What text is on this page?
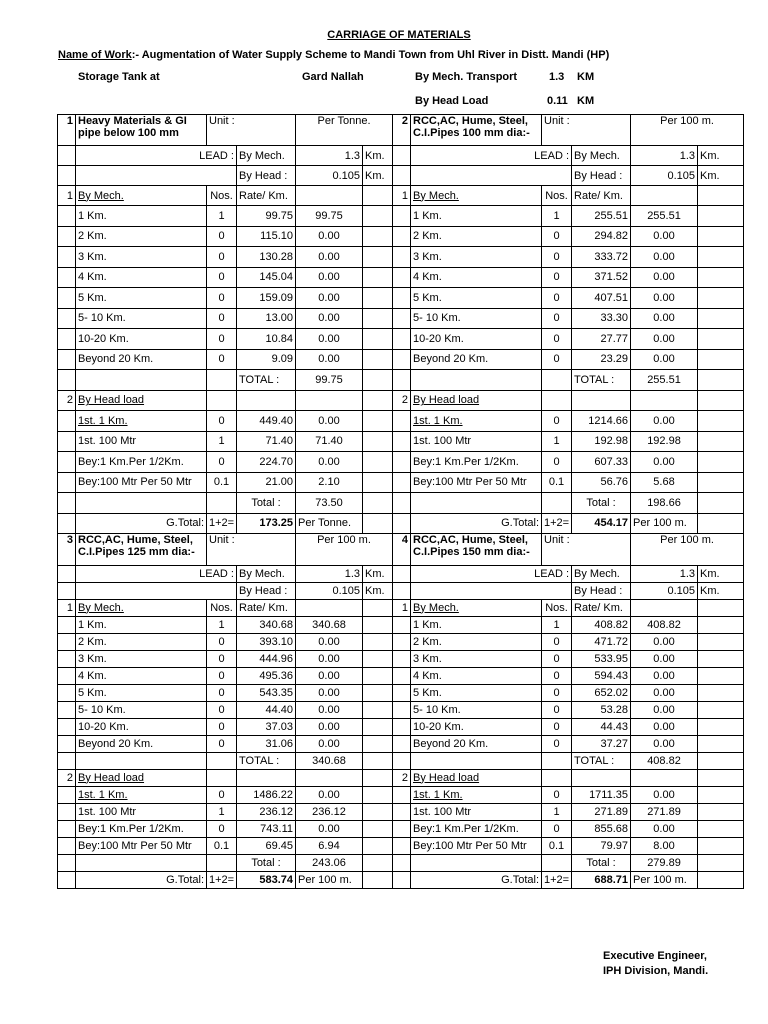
CARRIAGE OF MATERIALS
Name of Work:- Augmentation of Water Supply Scheme to Mandi Town from Uhl River in Distt. Mandi (HP)
Storage Tank at	Gard Nallah	By Mech. Transport	1.3 KM
By Head Load	0.11 KM
1	Heavy Materials & GI pipe below 100 mm	Unit :		Per Tonne.		2	RCC,AC, Hume, Steel, C.I.Pipes 100 mm dia:-	Unit :		Per 100 m.	
	LEAD :		By Mech.	1.3	Km.		LEAD :		By Mech.	1.3	Km.
			By Head :	0.105	Km.				By Head :	0.105	Km.
1	By Mech.	Nos.	Rate/ Km.			1	By Mech.	Nos.	Rate/ Km.		
	1 Km.	1	99.75	99.75			1 Km.	1	255.51	255.51	
	2 Km.	0	115.10	0.00			2 Km.	0	294.82	0.00	
	3 Km.	0	130.28	0.00			3 Km.	0	333.72	0.00	
	4 Km.	0	145.04	0.00			4 Km.	0	371.52	0.00	
	5 Km.	0	159.09	0.00			5 Km.	0	407.51	0.00	
	5- 10 Km.	0	13.00	0.00			5- 10 Km.	0	33.30	0.00	
	10-20 Km.	0	10.84	0.00			10-20 Km.	0	27.77	0.00	
	Beyond 20 Km.	0	9.09	0.00			Beyond 20 Km.	0	23.29	0.00	
			TOTAL :	99.75					TOTAL :	255.51	
2	By Head load					2	By Head load				
	1st. 1 Km.	0	449.40	0.00			1st. 1 Km.	0	1214.66	0.00	
	1st. 100 Mtr	1	71.40	71.40			1st. 100 Mtr	1	192.98	192.98	
	Bey:1 Km.Per 1/2Km.	0	224.70	0.00			Bey:1 Km.Per 1/2Km.	0	607.33	0.00	
	Bey:100 Mtr Per 50 Mtr	0.1	21.00	2.10			Bey:100 Mtr Per 50 Mtr	0.1	56.76	5.68	
			Total :	73.50					Total :	198.66	
	G.Total:	1+2=	173.25	Per Tonne.			G.Total:	1+2=	454.17	Per 100 m.	
3	RCC,AC, Hume, Steel, C.I.Pipes 125 mm dia:-	Unit :		Per 100 m.		4	RCC,AC, Hume, Steel, C.I.Pipes 150 mm dia:-	Unit :		Per 100 m.	
	LEAD :		By Mech.	1.3	Km.		LEAD :		By Mech.	1.3	Km.
			By Head :	0.105	Km.				By Head :	0.105	Km.
1	By Mech.	Nos.	Rate/ Km.			1	By Mech.	Nos.	Rate/ Km.		
	1 Km.	1	340.68	340.68			1 Km.	1	408.82	408.82	
	2 Km.	0	393.10	0.00			2 Km.	0	471.72	0.00	
	3 Km.	0	444.96	0.00			3 Km.	0	533.95	0.00	
	4 Km.	0	495.36	0.00			4 Km.	0	594.43	0.00	
	5 Km.	0	543.35	0.00			5 Km.	0	652.02	0.00	
	5- 10 Km.	0	44.40	0.00			5- 10 Km.	0	53.28	0.00	
	10-20 Km.	0	37.03	0.00			10-20 Km.	0	44.43	0.00	
	Beyond 20 Km.	0	31.06	0.00			Beyond 20 Km.	0	37.27	0.00	
			TOTAL :	340.68					TOTAL :	408.82	
2	By Head load					2	By Head load				
	1st. 1 Km.	0	1486.22	0.00			1st. 1 Km.	0	1711.35	0.00	
	1st. 100 Mtr	1	236.12	236.12			1st. 100 Mtr	1	271.89	271.89	
	Bey:1 Km.Per 1/2Km.	0	743.11	0.00			Bey:1 Km.Per 1/2Km.	0	855.68	0.00	
	Bey:100 Mtr Per 50 Mtr	0.1	69.45	6.94			Bey:100 Mtr Per 50 Mtr	0.1	79.97	8.00	
			Total :	243.06					Total :	279.89	
	G.Total:	1+2=	583.74	Per 100 m.			G.Total:	1+2=	688.71	Per 100 m.	
Executive Engineer,
IPH Division, Mandi.
